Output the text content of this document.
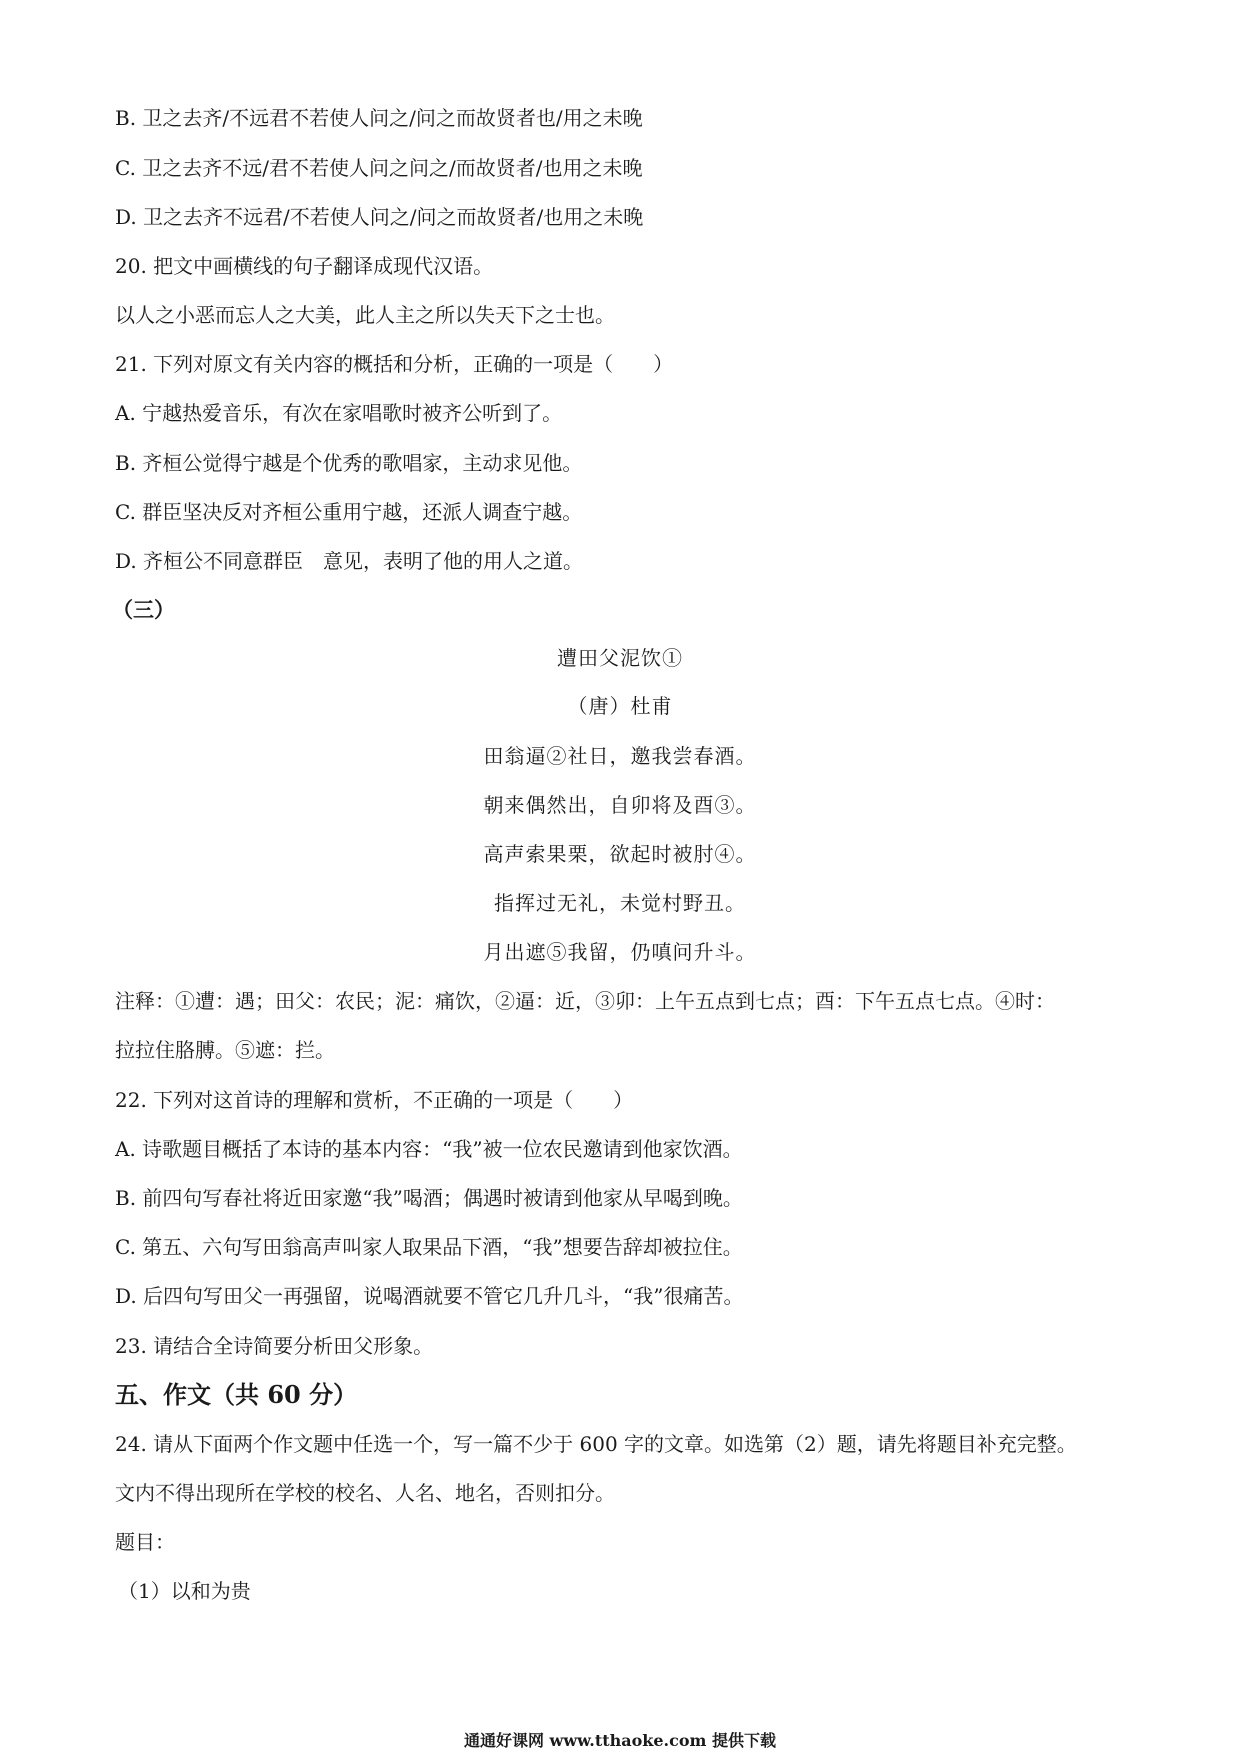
B. 卫之去齐/不远君不若使人问之/问之而故贤者也/用之未晚
C. 卫之去齐不远/君不若使人问之问之/而故贤者/也用之未晚
D. 卫之去齐不远君/不若使人问之/问之而故贤者/也用之未晚
20. 把文中画横线的句子翻译成现代汉语。
以人之小恶而忘人之大美，此人主之所以失天下之士也。
21. 下列对原文有关内容的概括和分析，正确的一项是（　　）
A. 宁越热爱音乐，有次在家唱歌时被齐公听到了。
B. 齐桓公觉得宁越是个优秀的歌唱家，主动求见他。
C. 群臣坚决反对齐桓公重用宁越，还派人调查宁越。
D. 齐桓公不同意群臣　意见，表明了他的用人之道。
（三）
遭田父泥饮①
（唐）杜甫
田翁逼②社日，邀我尝春酒。
朝来偶然出，自卯将及酉③。
高声索果栗，欲起时被肘④。
指挥过无礼，未觉村野丑。
月出遮⑤我留，仍嗔问升斗。
注释：①遭：遇；田父：农民；泥：痛饮，②逼：近，③卯：上午五点到七点；酉：下午五点七点。④时：
拉拉住胳膊。⑤遮：拦。
22. 下列对这首诗的理解和赏析，不正确的一项是（　　）
A. 诗歌题目概括了本诗的基本内容：“我”被一位农民邀请到他家饮酒。
B. 前四句写春社将近田家邀“我”喝酒；偶遇时被请到他家从早喝到晚。
C. 第五、六句写田翁高声叫家人取果品下酒，“我”想要告辞却被拉住。
D. 后四句写田父一再强留，说喝酒就要不管它几升几斗，“我”很痛苦。
23. 请结合全诗简要分析田父形象。
五、作文（共 60 分）
24. 请从下面两个作文题中任选一个，写一篇不少于 600 字的文章。如选第（2）题，请先将题目补充完整。
文内不得出现所在学校的校名、人名、地名，否则扣分。
题目：
（1）以和为贵
通通好课网 www.tthaoke.com 提供下载
